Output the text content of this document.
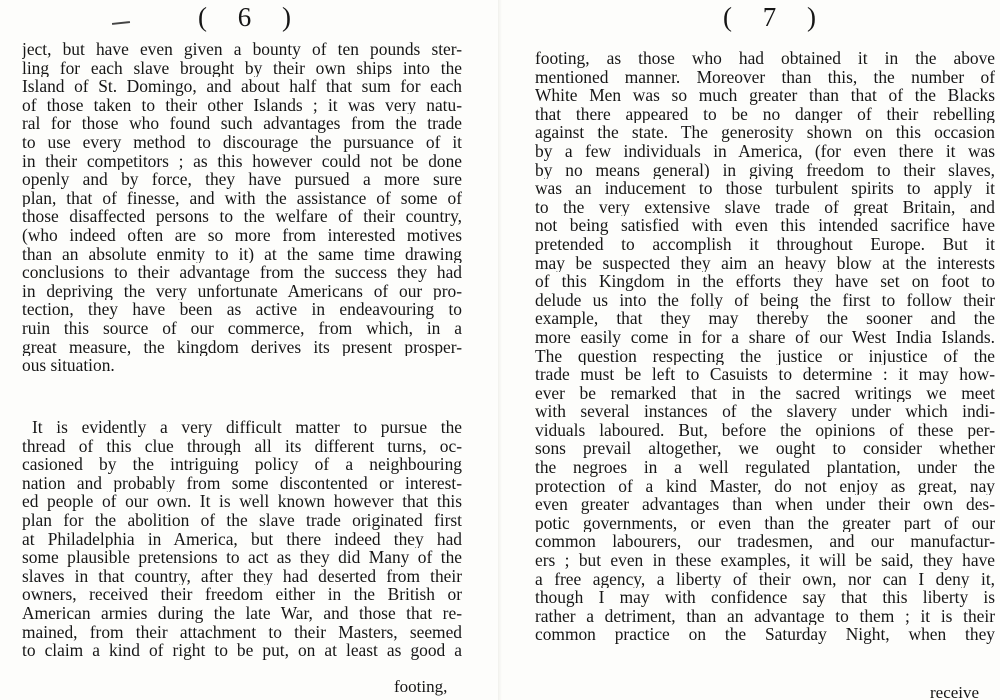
( 6 )
ject, but have even given a bounty of ten pounds ster-
ling for each slave brought by their own ships into the
Island of St. Domingo, and about half that sum for each
of those taken to their other Islands ; it was very natu-
ral for those who found such advantages from the trade
to use every method to discourage the pursuance of it
in their competitors ; as this however could not be done
openly and by force, they have pursued a more sure
plan, that of finesse, and with the assistance of some of
those disaffected persons to the welfare of their country,
(who indeed often are so more from interested motives
than an absolute enmity to it) at the same time drawing
conclusions to their advantage from the success they had
in depriving the very unfortunate Americans of our pro-
tection, they have been as active in endeavouring to
ruin this source of our commerce, from which, in a
great measure, the kingdom derives its present prosper-
ous situation.
It is evidently a very difficult matter to pursue the
thread of this clue through all its different turns, oc-
casioned by the intriguing policy of a neighbouring
nation and probably from some discontented or interest-
ed people of our own. It is well known however that this
plan for the abolition of the slave trade originated first
at Philadelphia in America, but there indeed they had
some plausible pretensions to act as they did Many of the
slaves in that country, after they had deserted from their
owners, received their freedom either in the British or
American armies during the late War, and those that re-
mained, from their attachment to their Masters, seemed
to claim a kind of right to be put, on at least as good a
footing,
( 7 )
footing, as those who had obtained it in the above
mentioned manner. Moreover than this, the number of
White Men was so much greater than that of the Blacks
that there appeared to be no danger of their rebelling
against the state. The generosity shown on this occasion
by a few individuals in America, (for even there it was
by no means general) in giving freedom to their slaves,
was an inducement to those turbulent spirits to apply it
to the very extensive slave trade of great Britain, and
not being satisfied with even this intended sacrifice have
pretended to accomplish it throughout Europe. But it
may be suspected they aim an heavy blow at the interests
of this Kingdom in the efforts they have set on foot to
delude us into the folly of being the first to follow their
example, that they may thereby the sooner and the
more easily come in for a share of our West India Islands.
The question respecting the justice or injustice of the
trade must be left to Casuists to determine : it may how-
ever be remarked that in the sacred writings we meet
with several instances of the slavery under which indi-
viduals laboured. But, before the opinions of these per-
sons prevail altogether, we ought to consider whether
the negroes in a well regulated plantation, under the
protection of a kind Master, do not enjoy as great, nay
even greater advantages than when under their own des-
potic governments, or even than the greater part of our
common labourers, our tradesmen, and our manufactur-
ers ; but even in these examples, it will be said, they have
a free agency, a liberty of their own, nor can I deny it,
though I may with confidence say that this liberty is
rather a detriment, than an advantage to them ; it is their
common practice on the Saturday Night, when they
receive
